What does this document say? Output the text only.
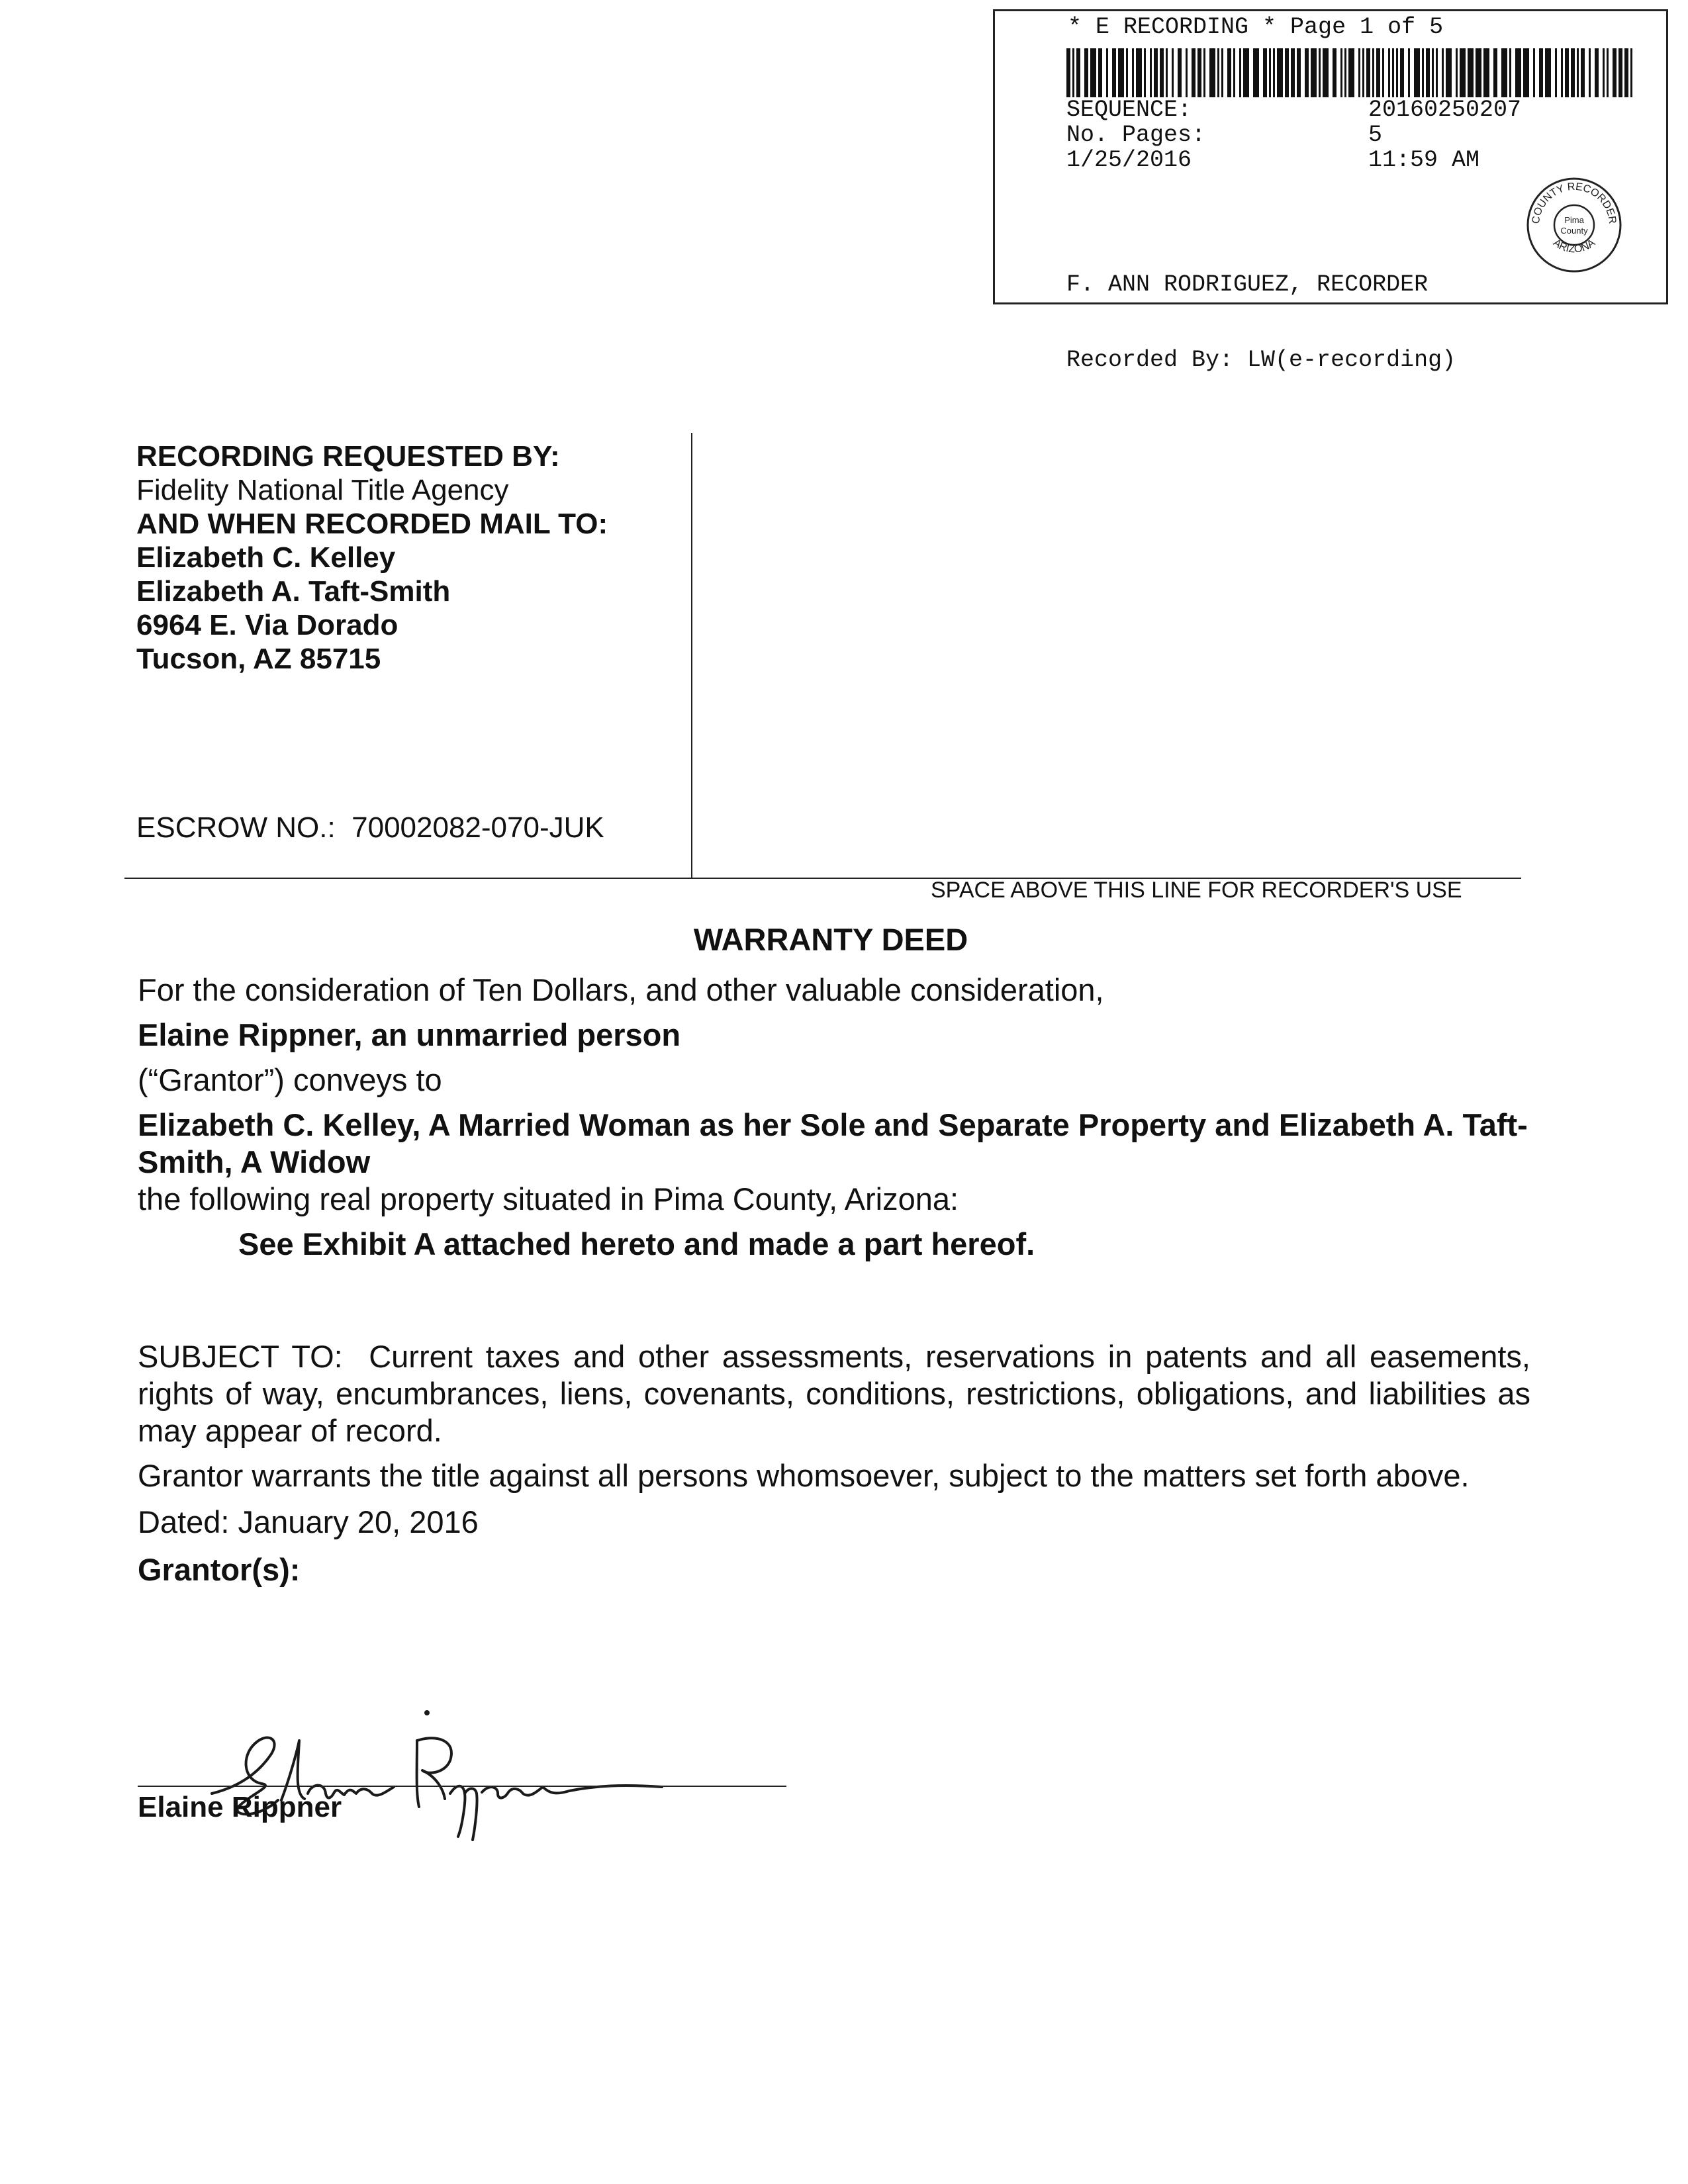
* E RECORDING * Page 1 of 5
SEQUENCE:	20160250207
No. Pages:	5
1/25/2016	11:59 AM

F. ANN RODRIGUEZ, RECORDER

Recorded By: LW(e-recording)

COUNTY RECORDER
ARIZONA
Pima
County
RECORDING REQUESTED BY:
Fidelity National Title Agency
AND WHEN RECORDED MAIL TO:
Elizabeth C. Kelley
Elizabeth A. Taft-Smith
6964 E. Via Dorado
Tucson, AZ 85715
ESCROW NO.:  70002082-070-JUK
SPACE ABOVE THIS LINE FOR RECORDER'S USE
WARRANTY DEED

For the consideration of Ten Dollars, and other valuable consideration,

Elaine Rippner, an unmarried person

(“Grantor”) conveys to

Elizabeth C. Kelley, A Married Woman as her Sole and Separate Property and Elizabeth A. Taft-Smith, A Widow

the following real property situated in Pima County, Arizona:

See Exhibit A attached hereto and made a part hereof.

SUBJECT TO:  Current taxes and other assessments, reservations in patents and all easements, rights of way, encumbrances, liens, covenants, conditions, restrictions, obligations, and liabilities as may appear of record.

Grantor warrants the title against all persons whomsoever, subject to the matters set forth above.

Dated: January 20, 2016

Grantor(s):

Elaine Rippner
